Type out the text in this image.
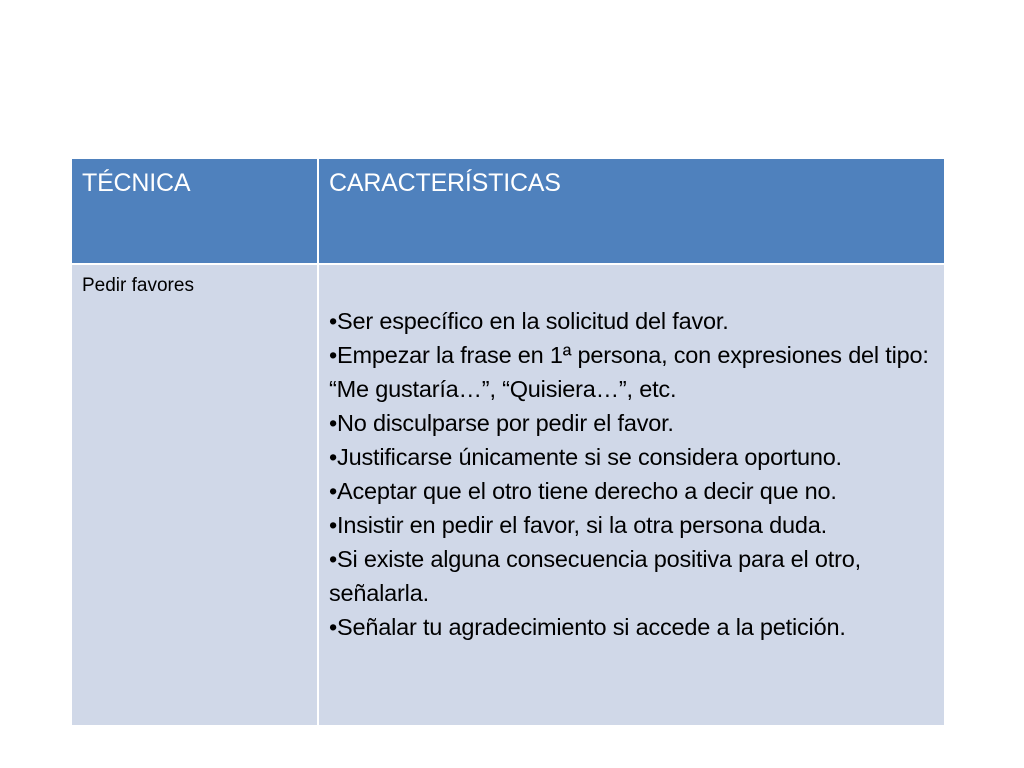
TÉCNICA	CARACTERÍSTICAS
Pedir favores
•Ser específico en la solicitud del favor.
•Empezar la frase en 1ª persona, con expresiones del tipo: “Me gustaría…”, “Quisiera…”, etc.
•No disculparse por pedir el favor.
•Justificarse únicamente si se considera oportuno.
•Aceptar que el otro tiene derecho a decir que no.
•Insistir en pedir el favor, si la otra persona duda.
•Si existe alguna consecuencia positiva para el otro, señalarla.
•Señalar tu agradecimiento si accede a la petición.
